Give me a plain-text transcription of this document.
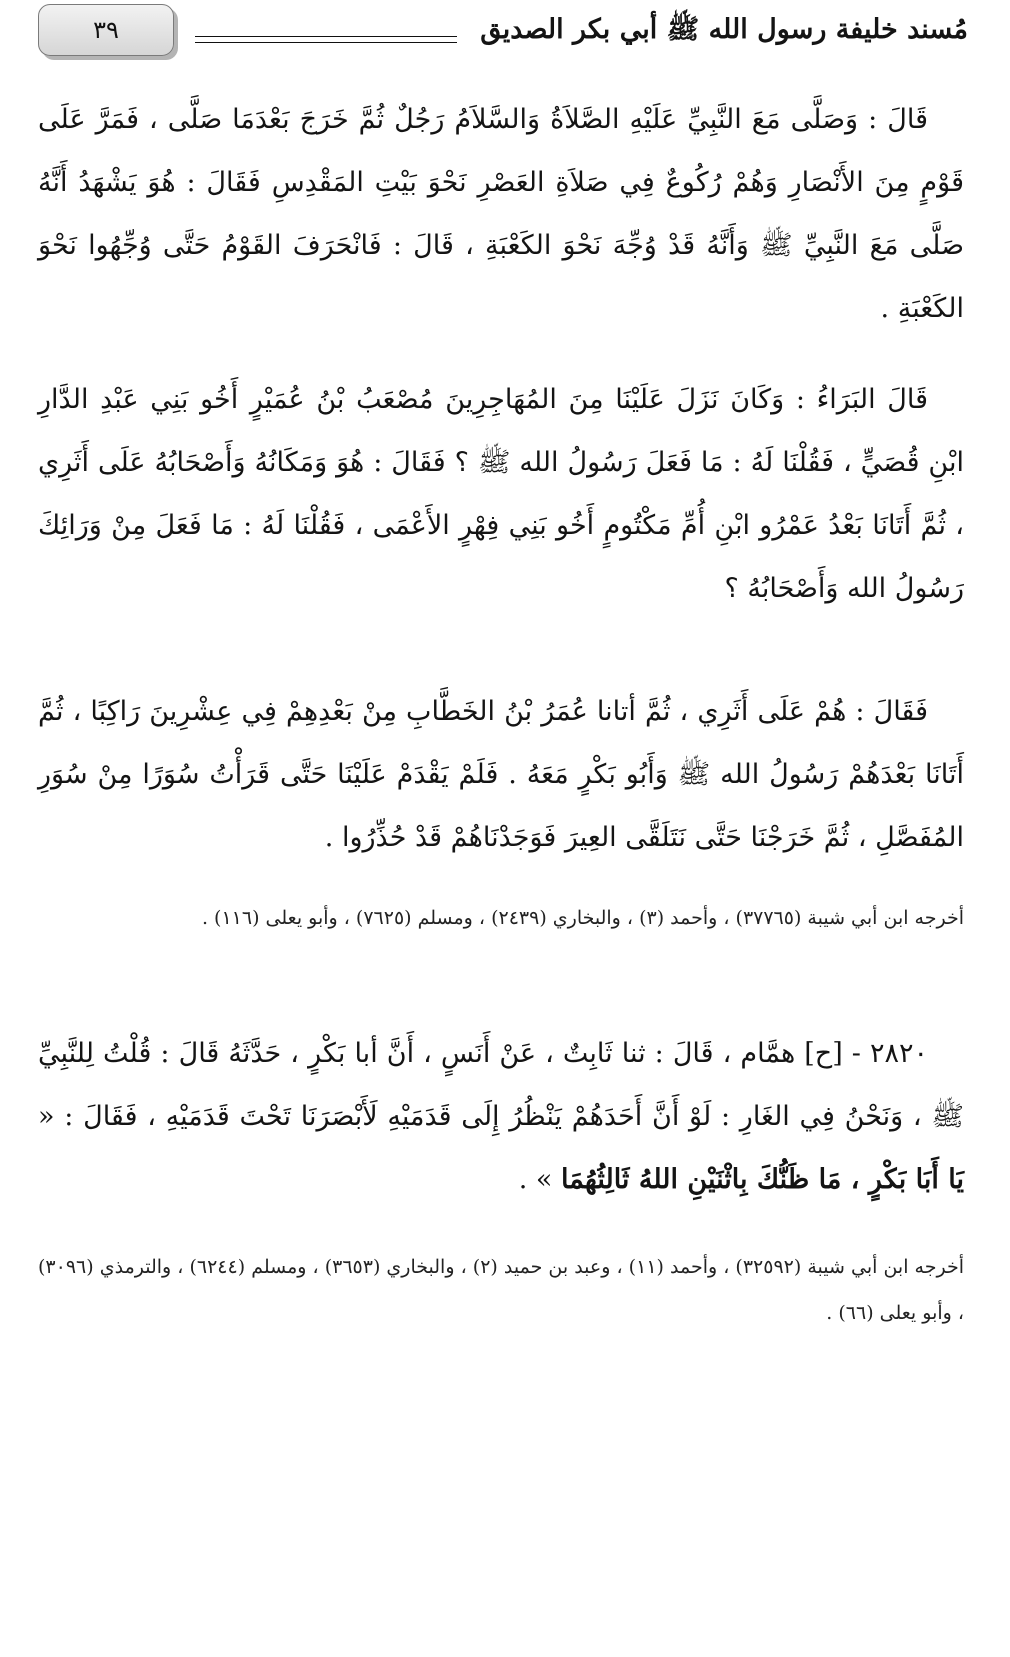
٣٩	مُسند خليفة رسول الله ﷺ أبي بكر الصديق

قَالَ : وَصَلَّى مَعَ النَّبِيِّ عَلَيْهِ الصَّلاَةُ وَالسَّلاَمُ رَجُلٌ ثُمَّ خَرَجَ بَعْدَمَا صَلَّى ، فَمَرَّ عَلَى قَوْمٍ مِنَ الأَنْصَارِ وَهُمْ رُكُوعٌ فِي صَلاَةِ العَصْرِ نَحْوَ بَيْتِ المَقْدِسِ فَقَالَ : هُوَ يَشْهَدُ أَنَّهُ صَلَّى مَعَ النَّبِيِّ ﷺ وَأَنَّهُ قَدْ وُجِّهَ نَحْوَ الكَعْبَةِ ، قَالَ : فَانْحَرَفَ القَوْمُ حَتَّى وُجِّهُوا نَحْوَ الكَعْبَةِ .

قَالَ البَرَاءُ : وَكَانَ نَزَلَ عَلَيْنَا مِنَ المُهَاجِرِينَ مُصْعَبُ بْنُ عُمَيْرٍ أَخُو بَنِي عَبْدِ الدَّارِ ابْنِ قُصَيٍّ ، فَقُلْنَا لَهُ : مَا فَعَلَ رَسُولُ الله ﷺ ؟ فَقَالَ : هُوَ وَمَكَانُهُ وَأَصْحَابُهُ عَلَى أَثَرِي ، ثُمَّ أَتَانَا بَعْدُ عَمْرُو ابْنِ أُمِّ مَكْتُومٍ أَخُو بَنِي فِهْرٍ الأَعْمَى ، فَقُلْنَا لَهُ : مَا فَعَلَ مِنْ وَرَائِكَ رَسُولُ الله وَأَصْحَابُهُ ؟

فَقَالَ : هُمْ عَلَى أَثَرِي ، ثُمَّ أتانا عُمَرُ بْنُ الخَطَّابِ مِنْ بَعْدِهِمْ فِي عِشْرِينَ رَاكِبًا ، ثُمَّ أَتَانَا بَعْدَهُمْ رَسُولُ الله ﷺ وَأَبُو بَكْرٍ مَعَهُ . فَلَمْ يَقْدَمْ عَلَيْنَا حَتَّى قَرَأْتُ سُوَرًا مِنْ سُوَرِ المُفَصَّلِ ، ثُمَّ خَرَجْنَا حَتَّى نَتَلَقَّى العِيرَ فَوَجَدْنَاهُمْ قَدْ حُذِّرُوا .

أخرجه ابن أبي شيبة (٣٧٧٦٥) ، وأحمد (٣) ، والبخاري (٢٤٣٩) ، ومسلم (٧٦٢٥) ، وأبو يعلى (١١٦) .

٢٨٢٠ - [ح] همَّام ، قَالَ : ثنا ثَابِتٌ ، عَنْ أَنَسٍ ، أَنَّ أبا بَكْرٍ ، حَدَّثَهُ قَالَ : قُلْتُ لِلنَّبِيِّ ﷺ ، وَنَحْنُ فِي الغَارِ : لَوْ أَنَّ أَحَدَهُمْ يَنْظُرُ إِلَى قَدَمَيْهِ لَأَبْصَرَنَا تَحْتَ قَدَمَيْهِ ، فَقَالَ : « يَا أَبَا بَكْرٍ ، مَا ظَنُّكَ بِاثْنَيْنِ اللهُ ثَالِثُهُمَا » .

أخرجه ابن أبي شيبة (٣٢٥٩٢) ، وأحمد (١١) ، وعبد بن حميد (٢) ، والبخاري (٣٦٥٣) ، ومسلم (٦٢٤٤) ، والترمذي (٣٠٩٦) ، وأبو يعلى (٦٦) .
